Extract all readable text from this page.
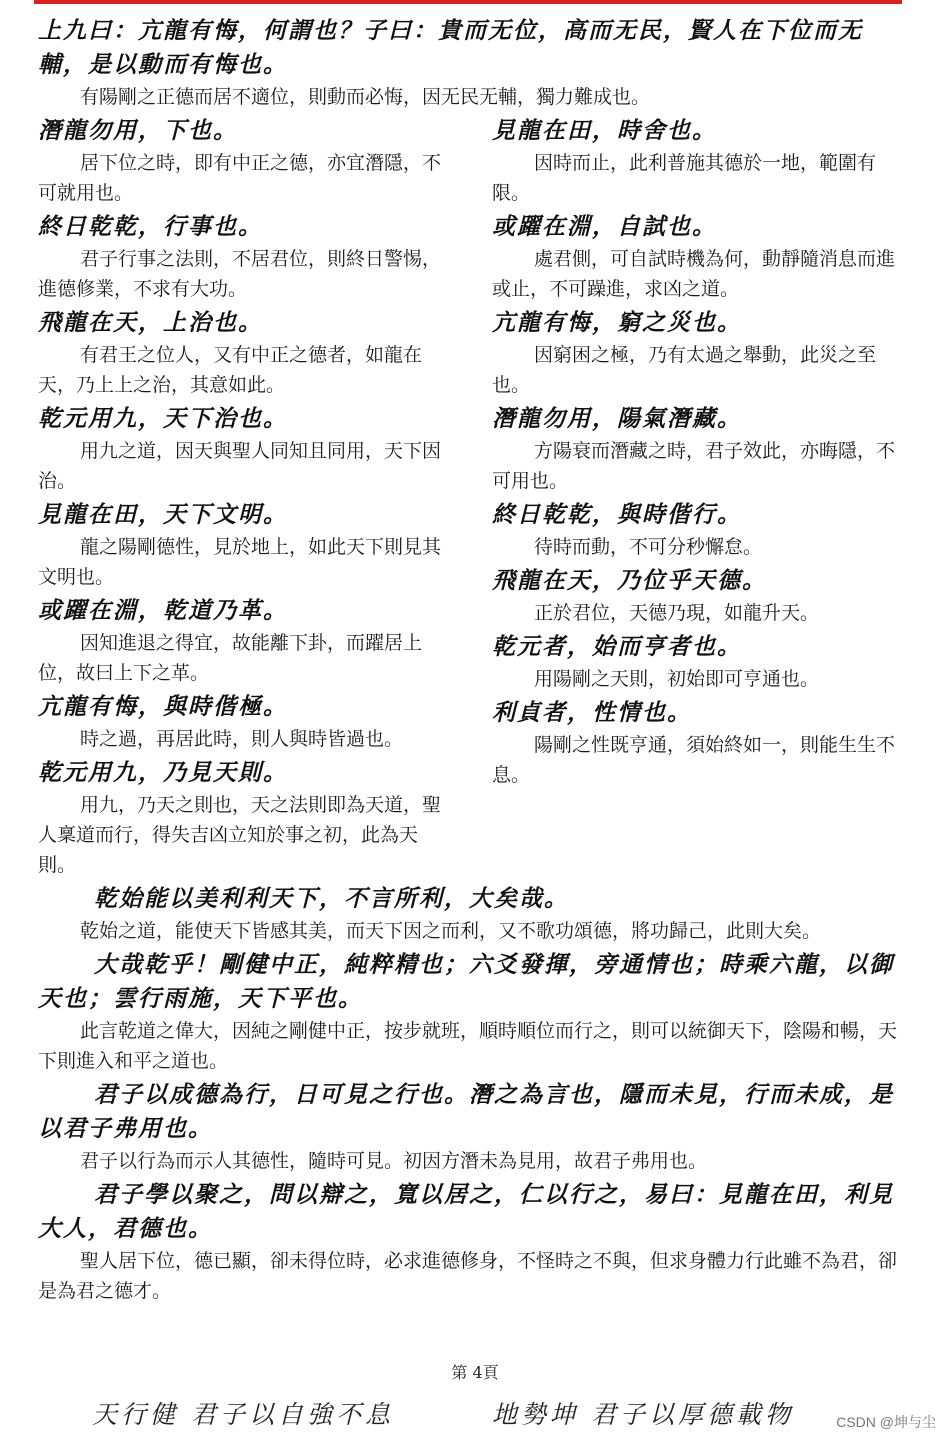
上九曰：亢龍有悔，何謂也？子曰：貴而无位，高而无民，賢人在下位而无輔，是以動而有悔也。
有陽剛之正德而居不適位，則動而必悔，因无民无輔，獨力難成也。
潛龍勿用，下也。
居下位之時，即有中正之德，亦宜潛隱，不可就用也。
終日乾乾，行事也。
君子行事之法則，不居君位，則終日警惕，進德修業，不求有大功。
飛龍在天，上治也。
有君王之位人，又有中正之德者，如龍在天，乃上上之治，其意如此。
乾元用九，天下治也。
用九之道，因天與聖人同知且同用，天下因治。
見龍在田，天下文明。
龍之陽剛德性，見於地上，如此天下則見其文明也。
或躍在淵，乾道乃革。
因知進退之得宜，故能離下卦，而躍居上位，故曰上下之革。
亢龍有悔，與時偕極。
時之過，再居此時，則人與時皆過也。
乾元用九，乃見天則。
用九，乃天之則也，天之法則即為天道，聖人稟道而行，得失吉凶立知於事之初，此為天則。
見龍在田，時舍也。
因時而止，此利普施其德於一地，範圍有限。
或躍在淵，自試也。
處君側，可自試時機為何，動靜隨消息而進或止，不可躁進，求凶之道。
亢龍有悔，窮之災也。
因窮困之極，乃有太過之舉動，此災之至也。
潛龍勿用，陽氣潛藏。
方陽衰而潛藏之時，君子效此，亦晦隱，不可用也。
終日乾乾，與時偕行。
待時而動，不可分秒懈怠。
飛龍在天，乃位乎天德。
正於君位，天德乃現，如龍升天。
乾元者，始而亨者也。
用陽剛之天則，初始即可亨通也。
利貞者，性情也。
陽剛之性既亨通，須始終如一，則能生生不息。
乾始能以美利利天下，不言所利，大矣哉。
乾始之道，能使天下皆感其美，而天下因之而利，又不歌功頌德，將功歸己，此則大矣。
大哉乾乎！剛健中正，純粹精也；六爻發揮，旁通情也；時乘六龍，以御天也；雲行雨施，天下平也。
此言乾道之偉大，因純之剛健中正，按步就班，順時順位而行之，則可以統御天下，陰陽和暢，天下則進入和平之道也。
君子以成德為行，日可見之行也。潛之為言也，隱而未見，行而未成，是以君子弗用也。
君子以行為而示人其德性，隨時可見。初因方潛未為見用，故君子弗用也。
君子學以聚之，問以辯之，寬以居之，仁以行之，易曰：見龍在田，利見大人，君德也。
聖人居下位，德已顯，卻未得位時，必求進德修身，不怪時之不與，但求身體力行此雖不為君，卻是為君之德才。
第 4頁
天行健 君子以自強不息	地勢坤 君子以厚德載物	CSDN @坤与尘
